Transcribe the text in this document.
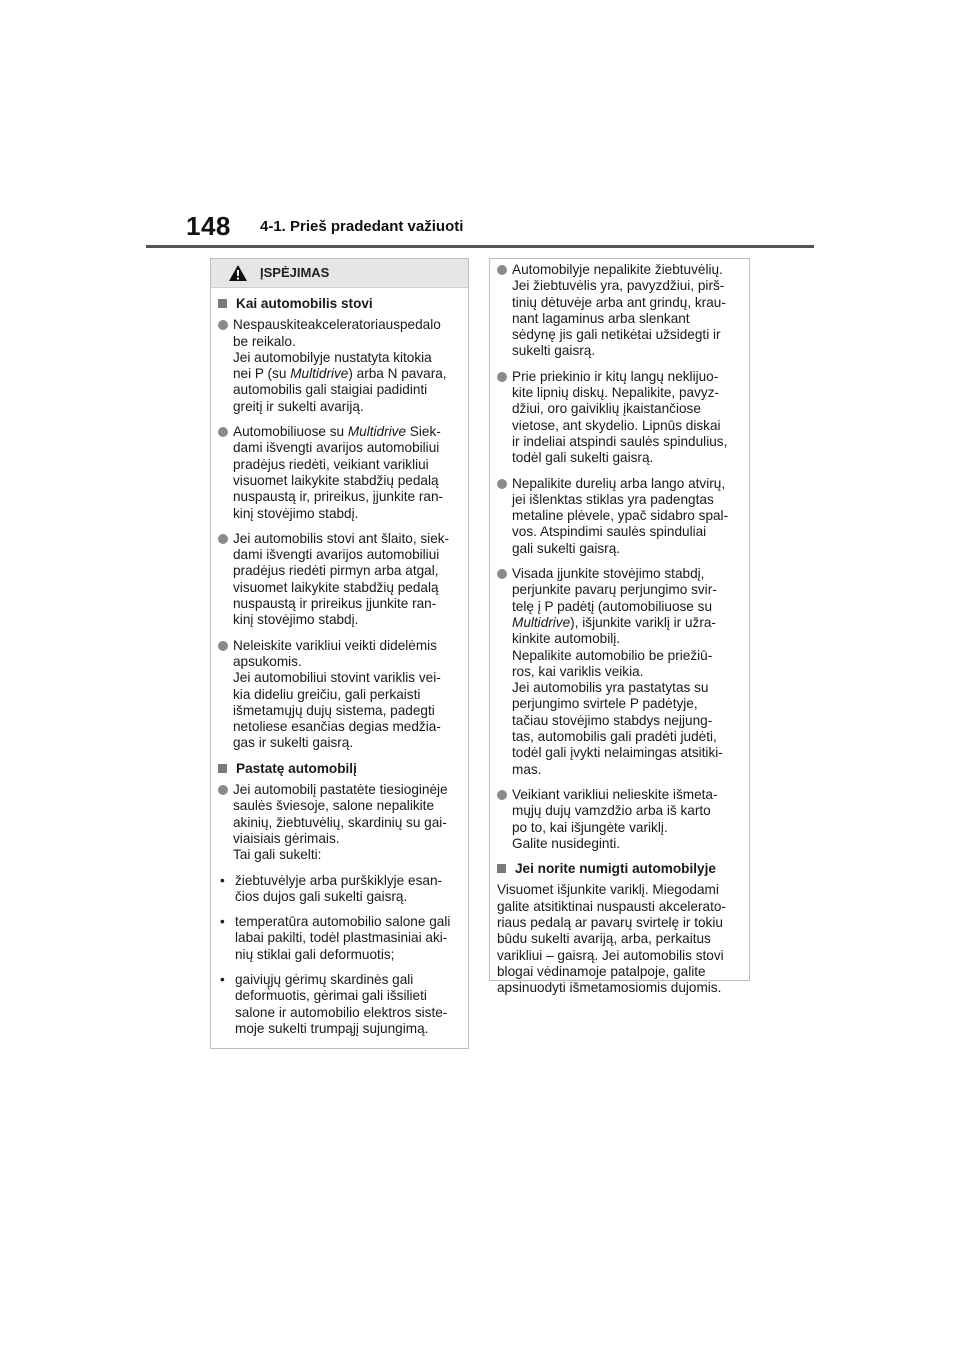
148 4-1. Prieš pradedant važiuoti
ĮSPĖJIMAS
Kai automobilis stovi

Nespauskiteakceleratoriauspedalo

be reikalo.

Jei automobilyje nustatyta kitokia

nei P (su Multidrive) arba N pavara,

automobilis gali staigiai padidinti

greitį ir sukelti avariją.

Automobiliuose su Multidrive Siek-

dami išvengti avarijos automobiliui

pradėjus riedėti, veikiant varikliui

visuomet laikykite stabdžių pedalą

nuspaustą ir, prireikus, įjunkite ran-

kinį stovėjimo stabdį.

Jei automobilis stovi ant šlaito, siek-

dami išvengti avarijos automobiliui

pradėjus riedėti pirmyn arba atgal,

visuomet laikykite stabdžių pedalą

nuspaustą ir prireikus įjunkite ran-

kinį stovėjimo stabdį.

Neleiskite varikliui veikti didelėmis

apsukomis.

Jei automobiliui stovint variklis vei-

kia dideliu greičiu, gali perkaisti

išmetamųjų dujų sistema, padegti

netoliese esančias degias medžia-

gas ir sukelti gaisrą.

Pastatę automobilį

Jei automobilį pastatėte tiesioginėje

saulės šviesoje, salone nepalikite

akinių, žiebtuvėlių, skardinių su gai-

viaisiais gėrimais.

Tai gali sukelti:

• žiebtuvėlyje arba purškiklyje esan-

čios dujos gali sukelti gaisrą.

• temperatūra automobilio salone gali

labai pakilti, todėl plastmasiniai aki-

nių stiklai gali deformuotis;

• gaivių̨jų gėrimų skardinės gali

deformuotis, gėrimai gali išsilieti

salone ir automobilio elektros siste-

moje sukelti trumpąjį sujungimą.

Automobilyje nepalikite žiebtuvėlių.

Jei žiebtuvėlis yra, pavyzdžiui, pirš-

tinių dėtuvėje arba ant grindų, krau-

nant lagaminus arba slenkant

sėdynę jis gali netikėtai užsidegti ir

sukelti gaisrą.

Prie priekinio ir kitų langų neklijuo-

kite lipnių diskų. Nepalikite, pavyz-

džiui, oro gaiviklių įkaistančiose

vietose, ant skydelio. Lipnūs diskai

ir indeliai atspindi saulės spindulius,

todėl gali sukelti gaisrą.

Nepalikite durelių arba lango atvirų,

jei išlenktas stiklas yra padengtas

metaline plėvele, ypač sidabro spal-

vos. Atspindimi saulės spinduliai

gali sukelti gaisrą.

Visada įjunkite stovėjimo stabdį,

perjunkite pavarų perjungimo svir-

telę į P padėtį (automobiliuose su

Multidrive), išjunkite variklį ir užra-

kinkite automobilį.

Nepalikite automobilio be priežiū-

ros, kai variklis veikia.

Jei automobilis yra pastatytas su

perjungimo svirtele P padėtyje,

tačiau stovėjimo stabdys neįjung-

tas, automobilis gali pradėti judėti,

todėl gali įvykti nelaimingas atsitiki-

mas.

Veikiant varikliui nelieskite išmeta-

mųjų dujų vamzdžio arba iš karto

po to, kai išjungėte variklį.

Galite nusideginti.

Jei norite numigti automobilyje

Visuomet išjunkite variklį. Miegodami

galite atsitiktinai nuspausti akcelerato-

riaus pedalą ar pavarų svirtelę ir tokiu

būdu sukelti avariją, arba, perkaitus

varikliui – gaisrą. Jei automobilis stovi

blogai vėdinamoje patalpoje, galite

apsinuodyti išmetamosiomis dujomis.
